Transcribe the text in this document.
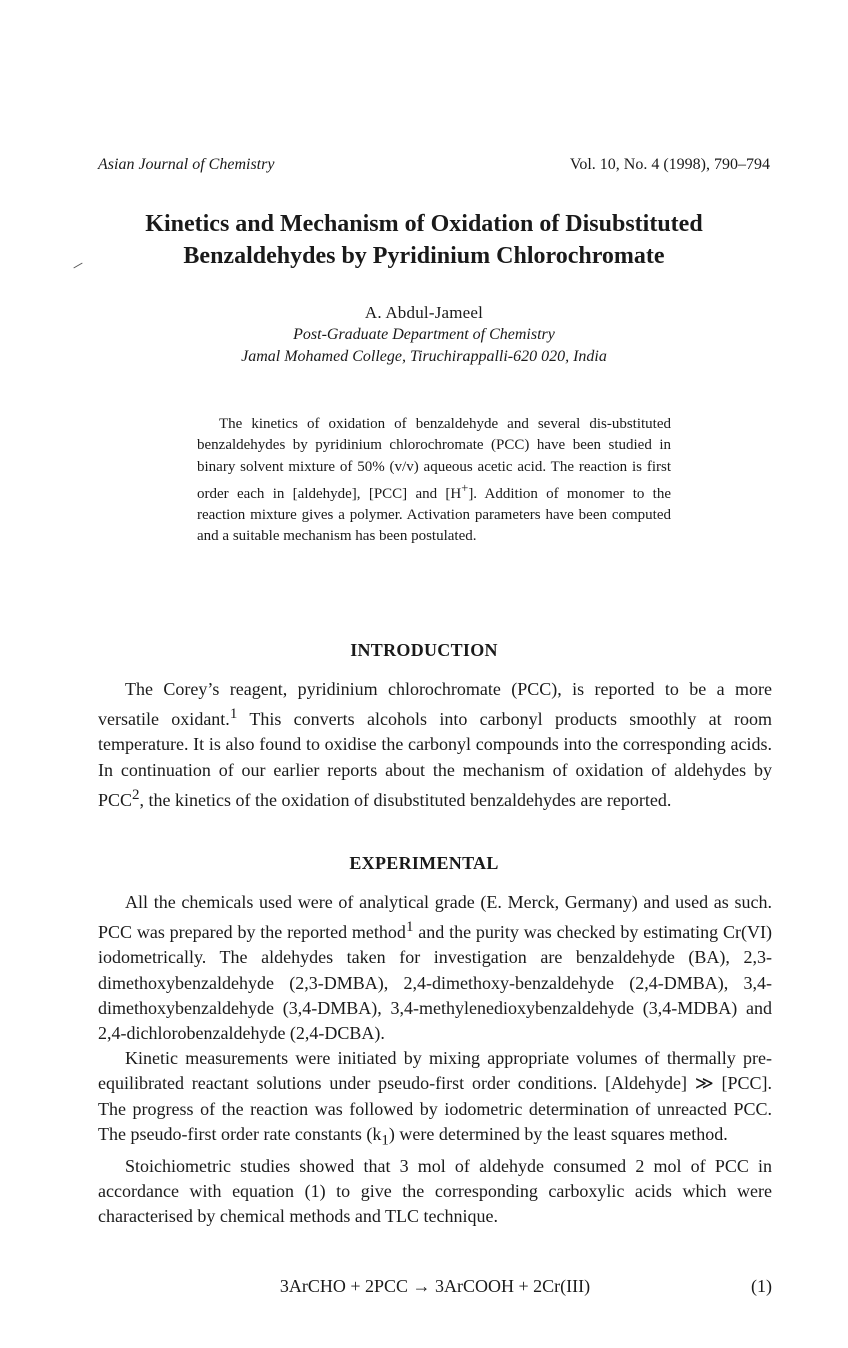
Asian Journal of Chemistry	Vol. 10, No. 4 (1998), 790–794
Kinetics and Mechanism of Oxidation of Disubstituted
Benzaldehydes by Pyridinium Chlorochromate
A. Abdul-Jameel
Post-Graduate Department of Chemistry
Jamal Mohamed College, Tiruchirappalli-620 020, India
The kinetics of oxidation of benzaldehyde and several dis-ubstituted benzaldehydes by pyridinium chlorochromate (PCC) have been studied in binary solvent mixture of 50% (v/v) aqueous acetic acid. The reaction is first order each in [aldehyde], [PCC] and [H+]. Addition of monomer to the reaction mixture gives a polymer. Activation parameters have been computed and a suitable mechanism has been postulated.
INTRODUCTION

The Corey’s reagent, pyridinium chlorochromate (PCC), is reported to be a more versatile oxidant.$^1$ This converts alcohols into carbonyl products smoothly at room temperature. It is also found to oxidise the carbonyl compounds into the corresponding acids. In continuation of our earlier reports about the mechanism of oxidation of aldehydes by PCC$^2$, the kinetics of the oxidation of disubstituted benzaldehydes are reported.

EXPERIMENTAL

All the chemicals used were of analytical grade (E. Merck, Germany) and used as such. PCC was prepared by the reported method$^1$ and the purity was checked by estimating Cr(VI) iodometrically. The aldehydes taken for investigation are benzaldehyde (BA), 2,3-dimethoxybenzaldehyde (2,3-DMBA), 2,4-dimethoxy-benzaldehyde (2,4-DMBA), 3,4-dimethoxybenzaldehyde (3,4-DMBA), 3,4-methylenedioxybenzaldehyde (3,4-MDBA) and 2,4-dichlorobenzaldehyde (2,4-DCBA).

Kinetic measurements were initiated by mixing appropriate volumes of thermally pre-equilibrated reactant solutions under pseudo-first order conditions. [Aldehyde] ≫ [PCC]. The progress of the reaction was followed by iodometric determination of unreacted PCC. The pseudo-first order rate constants $(k_1)$ were determined by the least squares method.

Stoichiometric studies showed that 3 mol of aldehyde consumed 2 mol of PCC in accordance with equation (1) to give the corresponding carboxylic acids which were characterised by chemical methods and TLC technique.

3ArCHO + 2PCC → 3ArCOOH + 2Cr(III)	(1)
